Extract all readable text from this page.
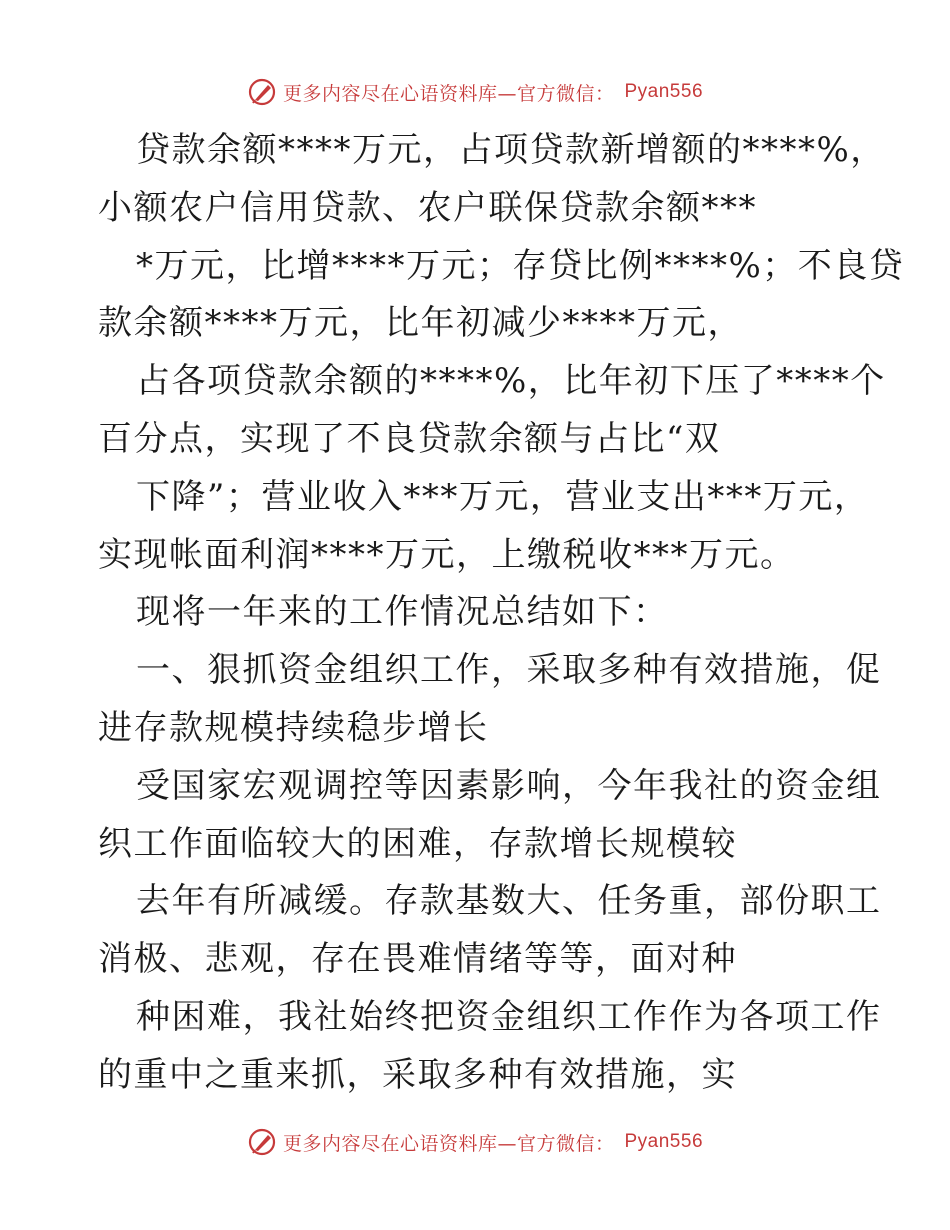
更多内容尽在心语资料库—官方微信： Pyan556
贷款余额****万元，占项贷款新增额的****%，
小额农户信用贷款、农户联保贷款余额***
*万元，比增****万元；存贷比例****%；不良贷
款余额****万元，比年初减少****万元，
占各项贷款余额的****%，比年初下压了****个
百分点，实现了不良贷款余额与占比“双
下降”；营业收入***万元，营业支出***万元，
实现帐面利润****万元，上缴税收***万元。
现将一年来的工作情况总结如下：
一、狠抓资金组织工作，采取多种有效措施，促
进存款规模持续稳步增长
受国家宏观调控等因素影响，今年我社的资金组
织工作面临较大的困难，存款增长规模较
去年有所减缓。存款基数大、任务重，部份职工
消极、悲观，存在畏难情绪等等，面对种
种困难，我社始终把资金组织工作作为各项工作
的重中之重来抓，采取多种有效措施，实
更多内容尽在心语资料库—官方微信： Pyan556
